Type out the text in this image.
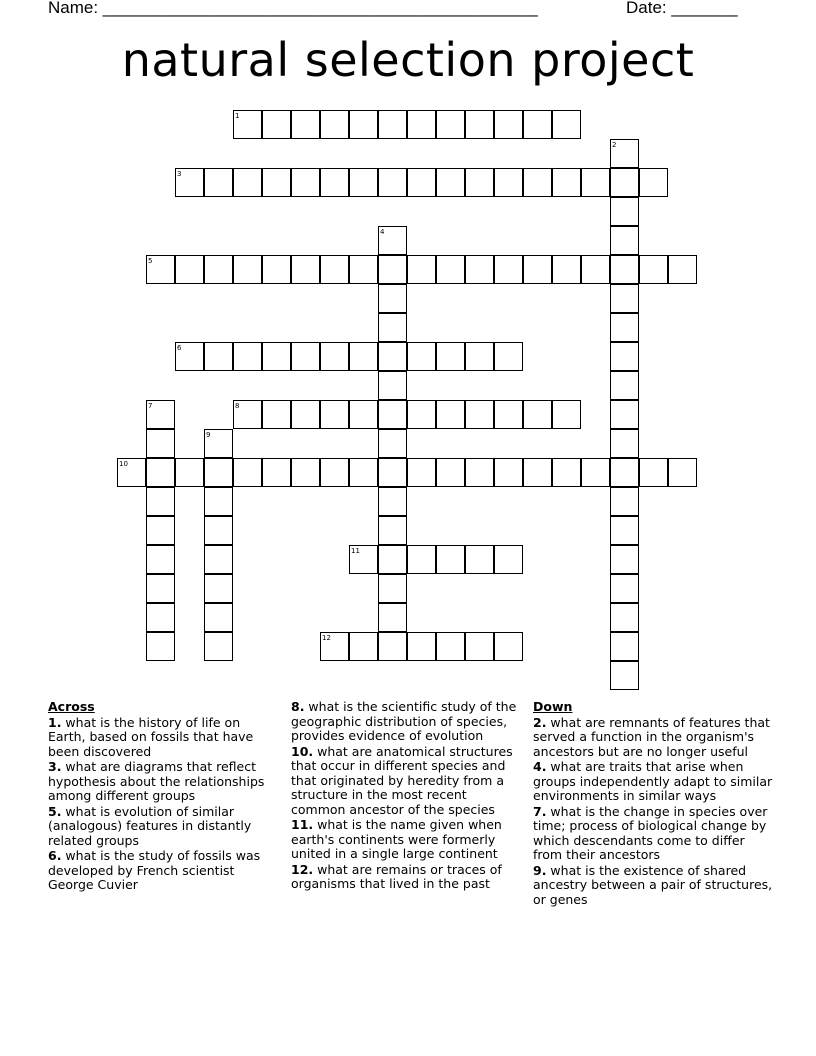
Name: ______________________________________________	Date: _______
natural selection project
1
2
3
4
5
6
7	8
9
10
11
12
Across
1. what is the history of life on Earth, based on fossils that have been discovered
3. what are diagrams that reflect hypothesis about the relationships among different groups
5. what is evolution of similar (analogous) features in distantly related groups
6. what is the study of fossils was developed by French scientist George Cuvier
8. what is the scientific study of the geographic distribution of species, provides evidence of evolution
10. what are anatomical structures that occur in different species and that originated by heredity from a structure in the most recent common ancestor of the species
11. what is the name given when earth's continents were formerly united in a single large continent
12. what are remains or traces of organisms that lived in the past
Down
2. what are remnants of features that served a function in the organism's ancestors but are no longer useful
4. what are traits that arise when groups independently adapt to similar environments in similar ways
7. what is the change in species over time; process of biological change by which descendants come to differ from their ancestors
9. what is the existence of shared ancestry between a pair of structures, or genes
